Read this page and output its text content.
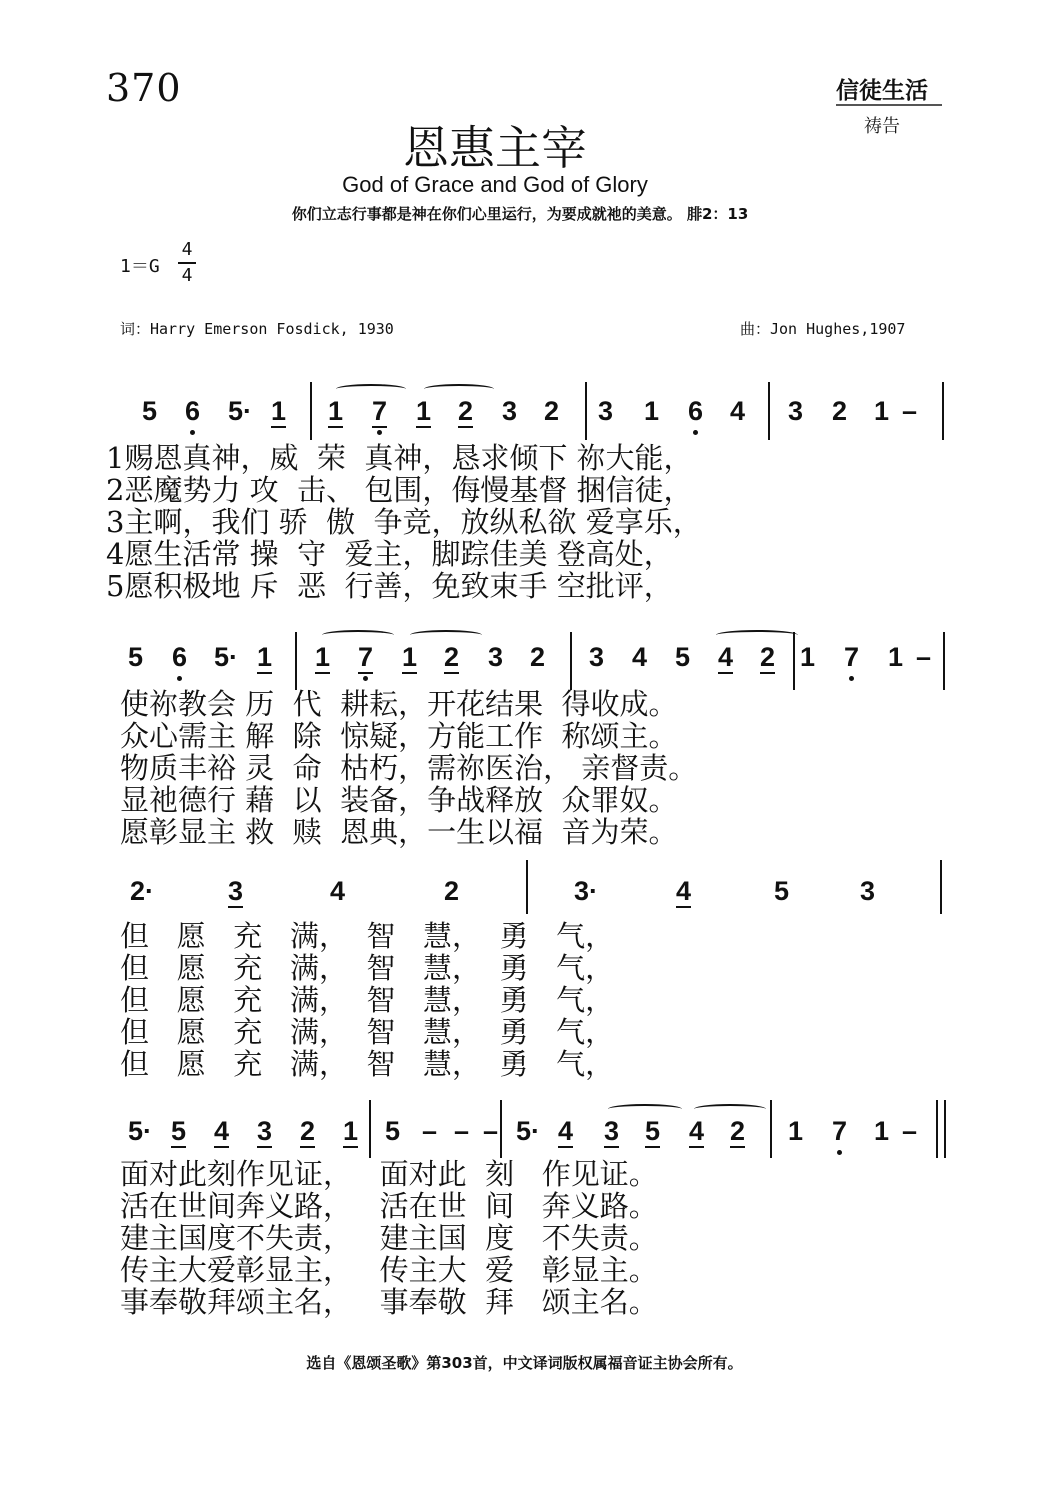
370	信徒生活
祷告
恩惠主宰
God of Grace and God of Glory
你们立志行事都是神在你们心里运行，为要成就祂的美意。 腓2：13
1＝G
4
4
词：Harry Emerson Fosdick, 1930	曲：Jon Hughes,1907
5 6 5· 1 1 7 1 2 3 2 3 1 6 4 3 2 1 –
1赐恩真神，威  荣  真神，恳求倾下 祢大能，
2恶魔势力 攻  击、 包围，侮慢基督 捆信徒，
3主啊，我们 骄  傲  争竞，放纵私欲 爱享乐，
4愿生活常 操  守  爱主，脚踪佳美 登高处，
5愿积极地 斥  恶  行善，免致束手 空批评，
5 6 5· 1 1 7 1 2 3 2 3 4 5 4 2 1 7 1 –
使祢教会 历  代  耕耘，开花结果  得收成。
众心需主 解  除  惊疑，方能工作  称颂主。
物质丰裕 灵  命  枯朽，需祢医治， 亲督责。
显祂德行 藉  以  装备，争战释放  众罪奴。
愿彰显主 救  赎  恩典，一生以福  音为荣。
2·	3	4	2	3·	4	5	3
但   愿   充   满，  智   慧，  勇   气，
但   愿   充   满，  智   慧，  勇   气，
但   愿   充   满，  智   慧，  勇   气，
但   愿   充   满，  智   慧，  勇   气，
但   愿   充   满，  智   慧，  勇   气，
5· 5 4 3 2 1 5 – – – 5· 4 3 5 4 2 1 7 1 –
面对此刻作见证，   面对此  刻   作见证。
活在世间奔义路，   活在世  间   奔义路。
建主国度不失责，   建主国  度   不失责。
传主大爱彰显主，   传主大  爱   彰显主。
事奉敬拜颂主名，   事奉敬  拜   颂主名。
选自《恩颂圣歌》第303首，中文译词版权属福音证主协会所有。
